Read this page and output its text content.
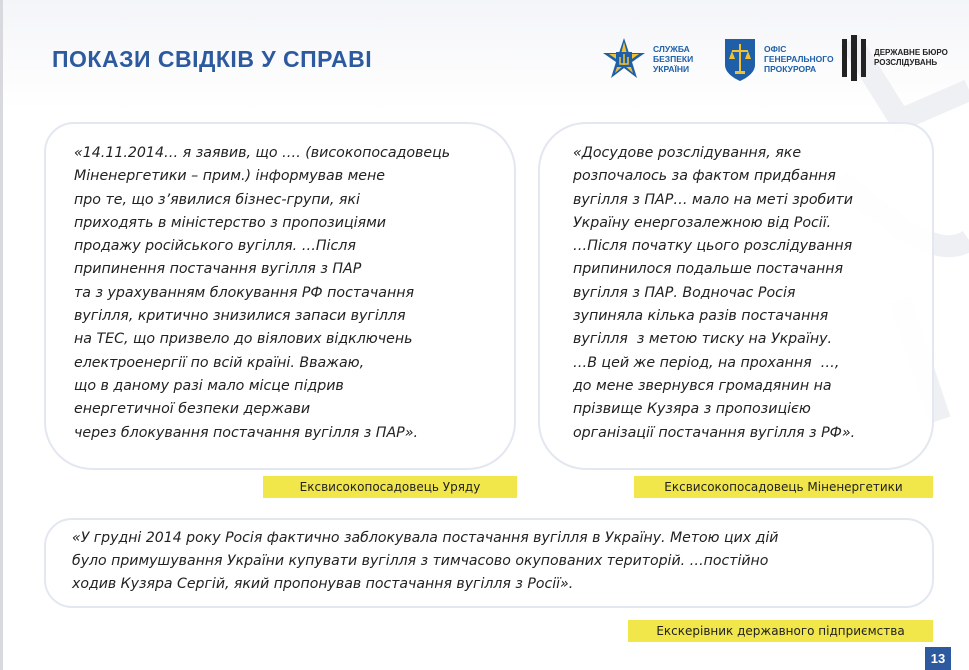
ПОКАЗИ СВІДКІВ У СПРАВІ	СЛУЖБА
БЕЗПЕКИ
УКРАЇНИ
ОФІС
ГЕНЕРАЛЬНОГО
ПРОКУРОРА
ДЕРЖАВНЕ БЮРО
РОЗСЛІДУВАНЬ
«14.11.2014… я заявив, що …. (високопосадовець
Міненергетики – прим.) інформував мене
про те, що з’явилися бізнес-групи, які
приходять в міністерство з пропозиціями
продажу російського вугілля. …Після
припинення постачання вугілля з ПАР
та з урахуванням блокування РФ постачання
вугілля, критично знизилися запаси вугілля
на ТЕС, що призвело до віялових відключень
електроенергії по всій країні. Вважаю,
що в даному разі мало місце підрив
енергетичної безпеки держави
через блокування постачання вугілля з ПАР».
Ексвисокопосадовець Уряду
«Досудове розслідування, яке
розпочалось за фактом придбання
вугілля з ПАР… мало на меті зробити
Україну енергозалежною від Росії.
…Після початку цього розслідування
припинилося подальше постачання
вугілля з ПАР. Водночас Росія
зупиняла кілька разів постачання
вугілля  з метою тиску на Україну.
…В цей же період, на прохання  …,
до мене звернувся громадянин на
прізвище Кузяра з пропозицією
організації постачання вугілля з РФ».
Ексвисокопосадовець Міненергетики
«У грудні 2014 року Росія фактично заблокувала постачання вугілля в Україну. Метою цих дій
було примушування України купувати вугілля з тимчасово окупованих територій. …постійно
ходив Кузяра Сергій, який пропонував постачання вугілля з Росії».
Екскерівник державного підприємства
13
